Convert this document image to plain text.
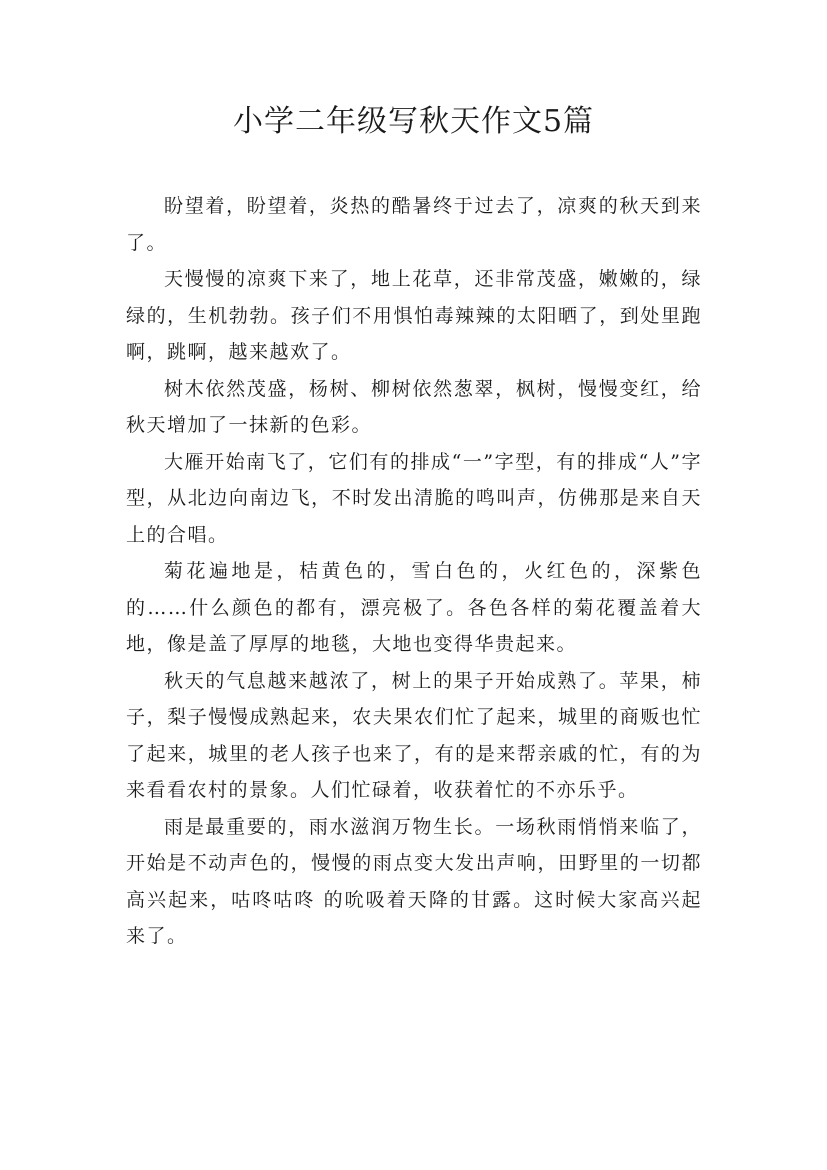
小学二年级写秋天作文5篇

盼望着，盼望着，炎热的酷暑终于过去了，凉爽的秋天到来了。

天慢慢的凉爽下来了，地上花草，还非常茂盛，嫩嫩的，绿绿的，生机勃勃。孩子们不用惧怕毒辣辣的太阳晒了，到处里跑啊，跳啊，越来越欢了。

树木依然茂盛，杨树、柳树依然葱翠，枫树，慢慢变红，给秋天增加了一抹新的色彩。

大雁开始南飞了，它们有的排成“一”字型，有的排成“人”字型，从北边向南边飞，不时发出清脆的鸣叫声，仿佛那是来自天上的合唱。

菊花遍地是，桔黄色的，雪白色的，火红色的，深紫色的……什么颜色的都有，漂亮极了。各色各样的菊花覆盖着大地，像是盖了厚厚的地毯，大地也变得华贵起来。

秋天的气息越来越浓了，树上的果子开始成熟了。苹果，柿子，梨子慢慢成熟起来，农夫果农们忙了起来，城里的商贩也忙了起来，城里的老人孩子也来了，有的是来帮亲戚的忙，有的为来看看农村的景象。人们忙碌着，收获着忙的不亦乐乎。

雨是最重要的，雨水滋润万物生长。一场秋雨悄悄来临了，开始是不动声色的，慢慢的雨点变大发出声响，田野里的一切都高兴起来，咕咚咕咚 的吮吸着天降的甘露。这时候大家高兴起来了。
